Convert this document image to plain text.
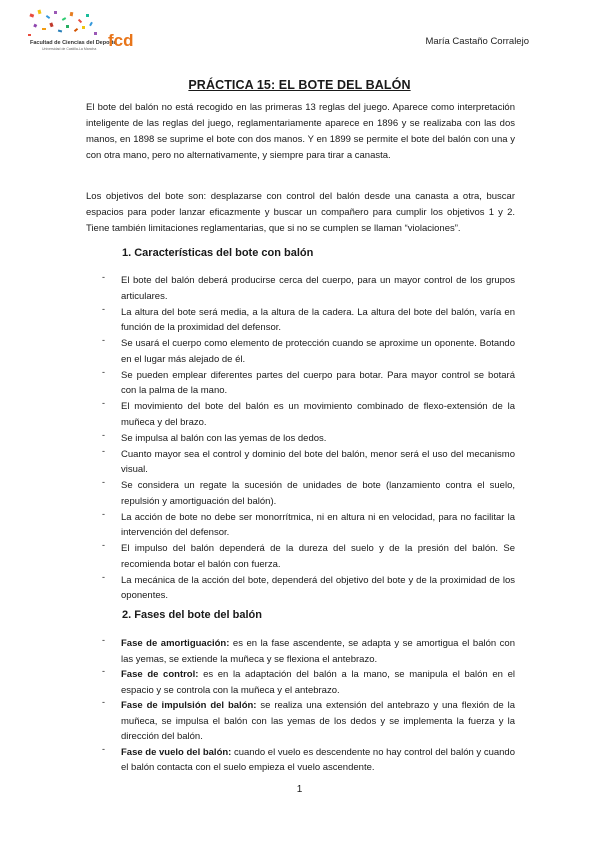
Facultad de Ciencias del Deporte
Universidad de Castilla-La Mancha fcd	María Castaño Corralejo
PRÁCTICA 15: EL BOTE DEL BALÓN

El bote del balón no está recogido en las primeras 13 reglas del juego. Aparece como interpretación inteligente de las reglas del juego, reglamentariamente aparece en 1896 y se realizaba con las dos manos, en 1898 se suprime el bote con dos manos. Y en 1899 se permite el bote del balón con una y con otra mano, pero no alternativamente, y siempre para tirar a canasta.

Los objetivos del bote son: desplazarse con control del balón desde una canasta a otra, buscar espacios para poder lanzar eficazmente y buscar un compañero para cumplir los objetivos 1 y 2. Tiene también limitaciones reglamentarias, que si no se cumplen se llaman “violaciones”.

1. Características del bote con balón
- El bote del balón deberá producirse cerca del cuerpo, para un mayor control de los grupos articulares.
- La altura del bote será media, a la altura de la cadera. La altura del bote del balón, varía en función de la proximidad del defensor.
- Se usará el cuerpo como elemento de protección cuando se aproxime un oponente. Botando en el lugar más alejado de él.
- Se pueden emplear diferentes partes del cuerpo para botar. Para mayor control se botará con la palma de la mano.
- El movimiento del bote del balón es un movimiento combinado de flexo-extensión de la muñeca y del brazo.
- Se impulsa al balón con las yemas de los dedos.
- Cuanto mayor sea el control y dominio del bote del balón, menor será el uso del mecanismo visual.
- Se considera un regate la sucesión de unidades de bote (lanzamiento contra el suelo, repulsión y amortiguación del balón).
- La acción de bote no debe ser monorrítmica, ni en altura ni en velocidad, para no facilitar la intervención del defensor.
- El impulso del balón dependerá de la dureza del suelo y de la presión del balón. Se recomienda botar el balón con fuerza.
- La mecánica de la acción del bote, dependerá del objetivo del bote y de la proximidad de los oponentes.
2. Fases del bote del balón
- Fase de amortiguación: es en la fase ascendente, se adapta y se amortigua el balón con las yemas, se extiende la muñeca y se flexiona el antebrazo.
- Fase de control: es en la adaptación del balón a la mano, se manipula el balón en el espacio y se controla con la muñeca y el antebrazo.
- Fase de impulsión del balón: se realiza una extensión del antebrazo y una flexión de la muñeca, se impulsa el balón con las yemas de los dedos y se implementa la fuerza y la dirección del balón.
- Fase de vuelo del balón: cuando el vuelo es descendente no hay control del balón y cuando el balón contacta con el suelo empieza el vuelo ascendente.
1
